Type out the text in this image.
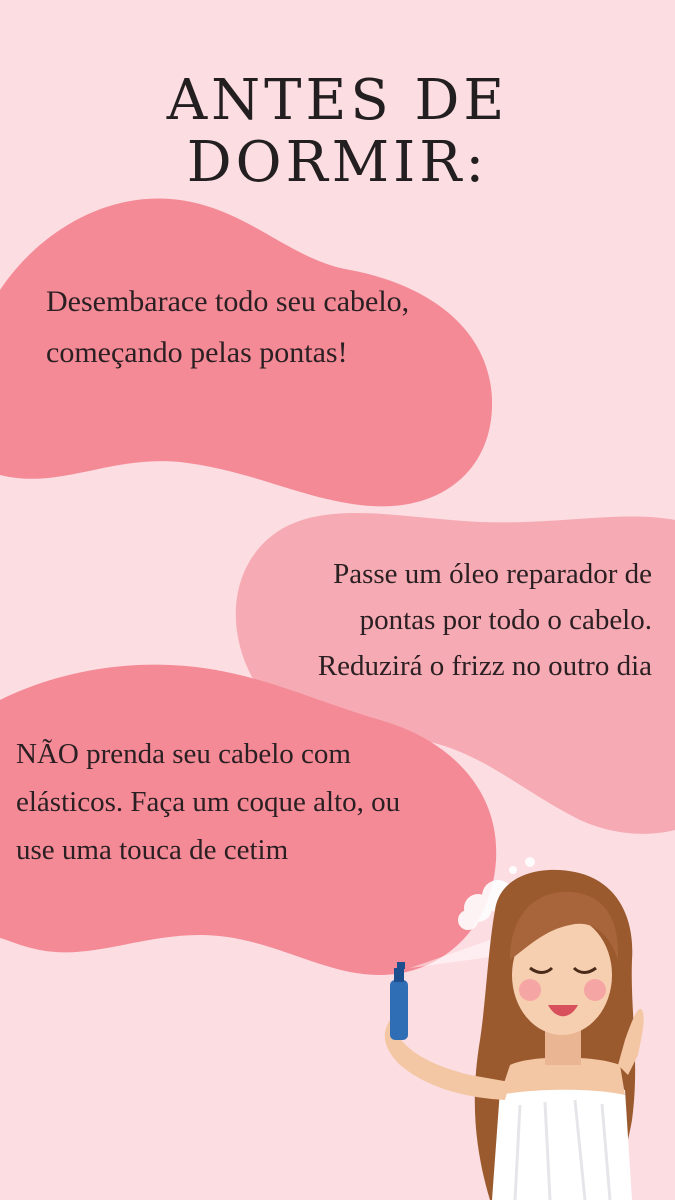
ANTES DE
DORMIR:

Desembarace todo seu cabelo, começando pelas pontas!

Passe um óleo reparador de pontas por todo o cabelo. Reduzirá o frizz no outro dia

NÃO prenda seu cabelo com elásticos. Faça um coque alto, ou use uma touca de cetim
